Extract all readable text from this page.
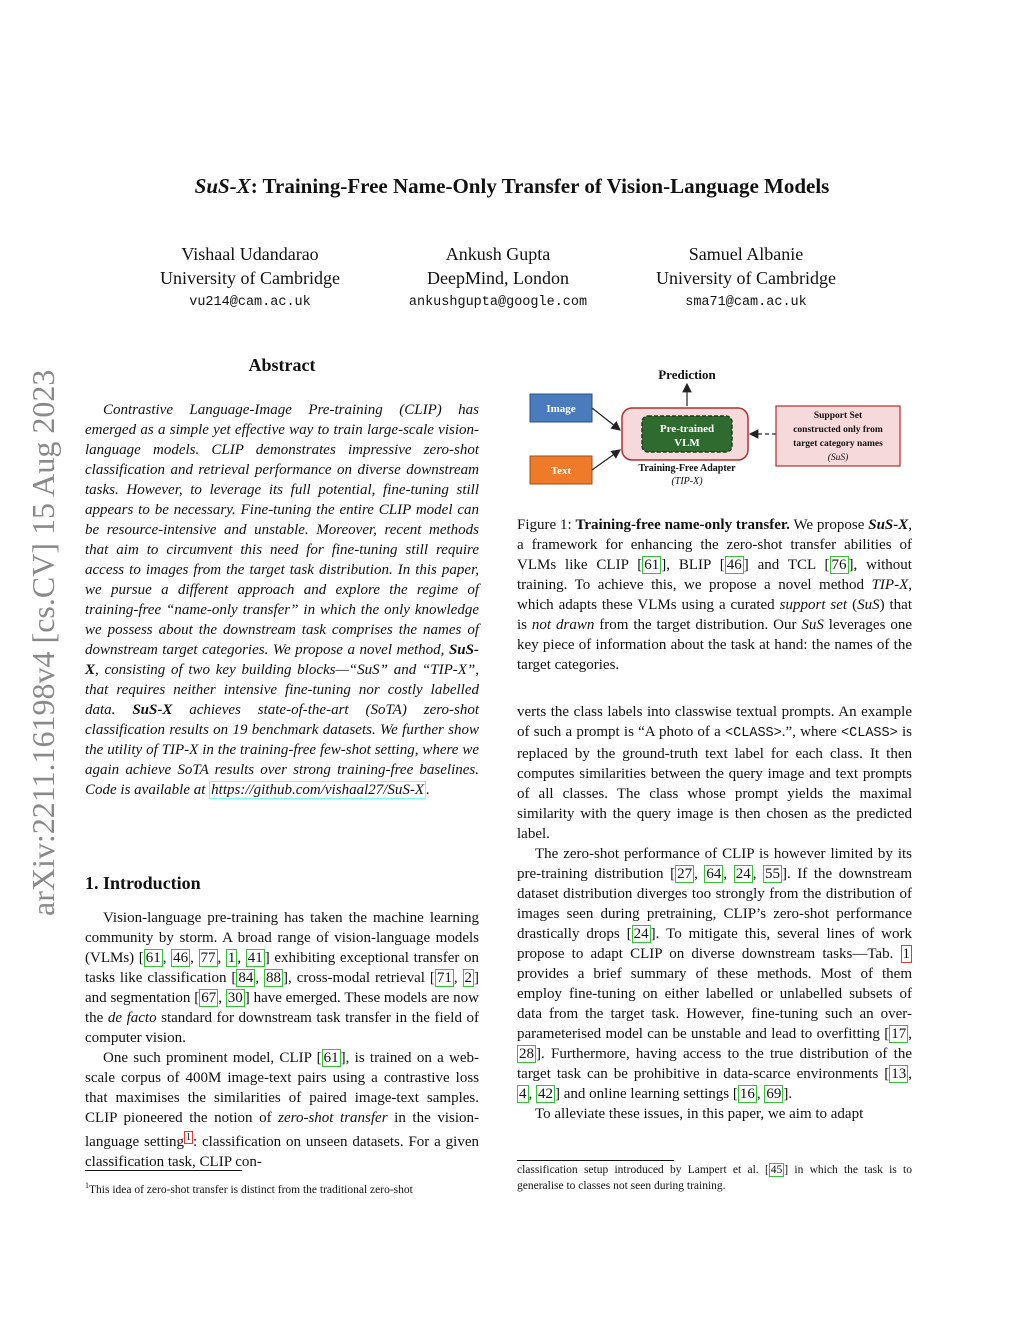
SuS-X: Training-Free Name-Only Transfer of Vision-Language Models
Vishaal Udandarao
University of Cambridge
vu214@cam.ac.uk
Ankush Gupta
DeepMind, London
ankushgupta@google.com
Samuel Albanie
University of Cambridge
sma71@cam.ac.uk
arXiv:2211.16198v4 [cs.CV] 15 Aug 2023
Abstract
Contrastive Language-Image Pre-training (CLIP) has emerged as a simple yet effective way to train large-scale vision-language models. CLIP demonstrates impressive zero-shot classification and retrieval performance on diverse downstream tasks. However, to leverage its full potential, fine-tuning still appears to be necessary. Fine-tuning the entire CLIP model can be resource-intensive and unstable. Moreover, recent methods that aim to circumvent this need for fine-tuning still require access to images from the target task distribution. In this paper, we pursue a different approach and explore the regime of training-free “name-only transfer” in which the only knowledge we possess about the downstream task comprises the names of downstream target categories. We propose a novel method, SuS-X, consisting of two key building blocks—“SuS” and “TIP-X”, that requires neither intensive fine-tuning nor costly labelled data. SuS-X achieves state-of-the-art (SoTA) zero-shot classification results on 19 benchmark datasets. We further show the utility of TIP-X in the training-free few-shot setting, where we again achieve SoTA results over strong training-free baselines. Code is available at https://github.com/vishaal27/SuS-X .
1. Introduction

Vision-language pre-training has taken the machine learning community by storm. A broad range of vision-language models (VLMs) [ 61 , 46 , 77 , 1 , 41 ] exhibiting exceptional transfer on tasks like classification [ 84 , 88 ], cross-modal retrieval [ 71 , 2 ] and segmentation [ 67 , 30 ] have emerged. These models are now the de facto standard for downstream task transfer in the field of computer vision.

One such prominent model, CLIP [ 61 ], is trained on a web-scale corpus of 400M image-text pairs using a contrastive loss that maximises the similarities of paired image-text samples. CLIP pioneered the notion of zero-shot transfer in the vision-language setting $^1$ : classification on unseen datasets. For a given classification task, CLIP con-

$^1$This idea of zero-shot transfer is distinct from the traditional zero-shot
Prediction
Image
Text
Pre-trained
VLM
Training-Free Adapter
(TIP-X)
Support Set
constructed only from
target category names
(SuS)
Figure 1: Training-free name-only transfer. We propose SuS-X, a framework for enhancing the zero-shot transfer abilities of VLMs like CLIP [ 61 ], BLIP [ 46 ] and TCL [ 76 ], without training. To achieve this, we propose a novel method TIP-X, which adapts these VLMs using a curated support set (SuS) that is not drawn from the target distribution. Our SuS leverages one key piece of information about the task at hand: the names of the target categories.

verts the class labels into classwise textual prompts. An example of such a prompt is “A photo of a <CLASS>.”, where <CLASS> is replaced by the ground-truth text label for each class. It then computes similarities between the query image and text prompts of all classes. The class whose prompt yields the maximal similarity with the query image is then chosen as the predicted label.

The zero-shot performance of CLIP is however limited by its pre-training distribution [ 27 , 64 , 24 , 55 ]. If the downstream dataset distribution diverges too strongly from the distribution of images seen during pretraining, CLIP’s zero-shot performance drastically drops [ 24 ]. To mitigate this, several lines of work propose to adapt CLIP on diverse downstream tasks—Tab. 1 provides a brief summary of these methods. Most of them employ fine-tuning on either labelled or unlabelled subsets of data from the target task. However, fine-tuning such an over-parameterised model can be unstable and lead to overfitting [ 17 , 28 ]. Furthermore, having access to the true distribution of the target task can be prohibitive in data-scarce environments [ 13 , 4 , 42 ] and online learning settings [ 16 , 69 ].

To alleviate these issues, in this paper, we aim to adapt

classification setup introduced by Lampert et al. [ 45 ] in which the task is to generalise to classes not seen during training.
